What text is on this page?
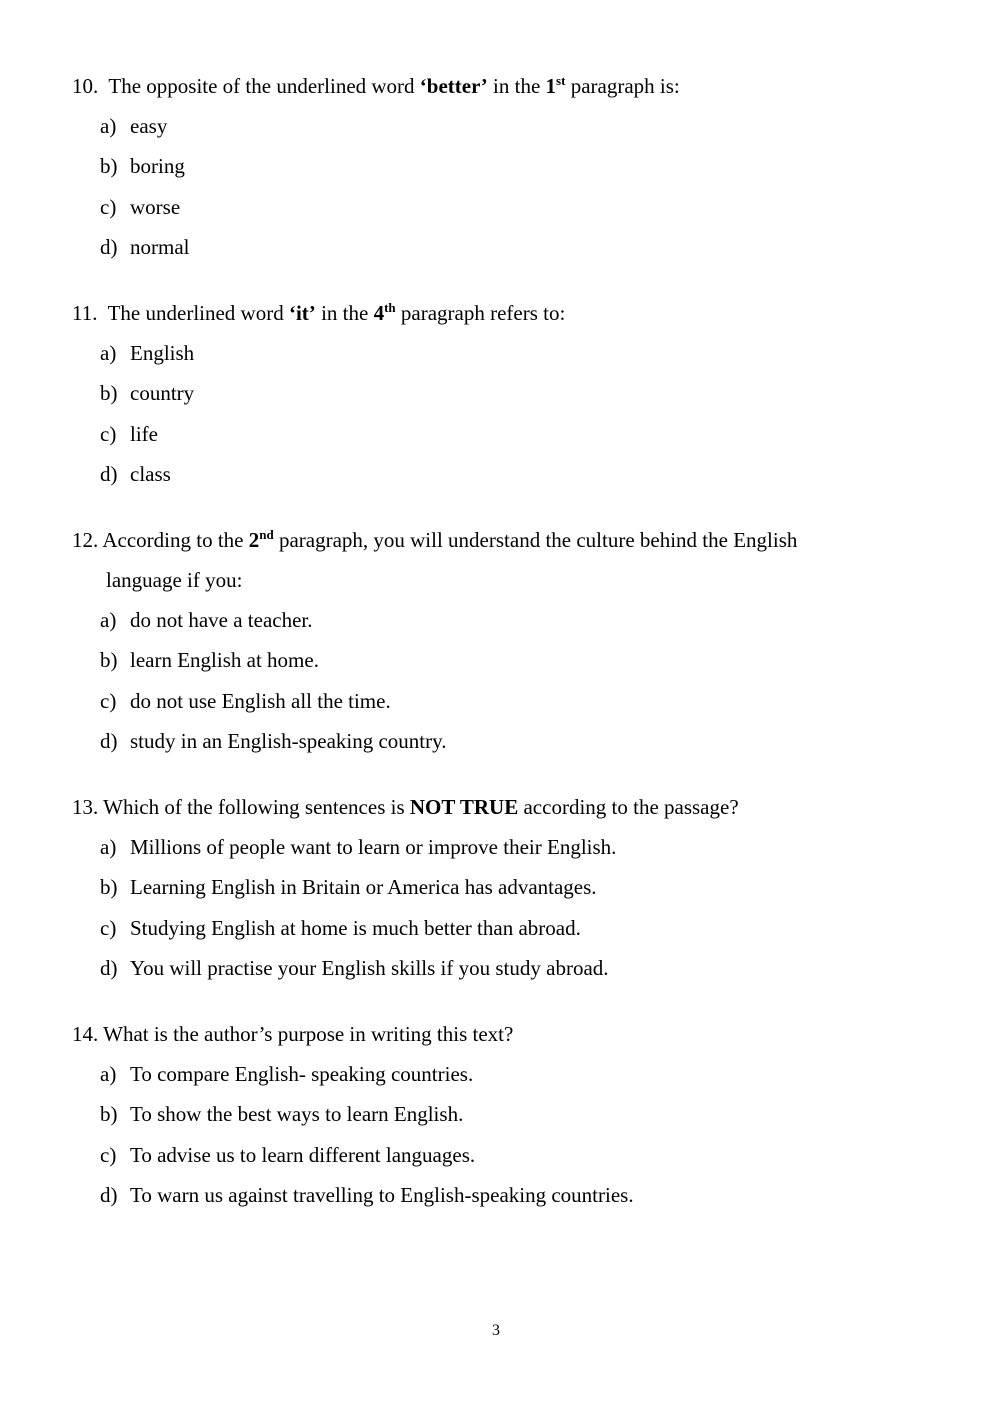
10. The opposite of the underlined word ‘better’ in the 1st paragraph is:
a) easy
b) boring
c) worse
d) normal
11. The underlined word ‘it’ in the 4th paragraph refers to:
a) English
b) country
c) life
d) class
12. According to the 2nd paragraph, you will understand the culture behind the English
language if you:
a) do not have a teacher.
b) learn English at home.
c) do not use English all the time.
d) study in an English-speaking country.
13. Which of the following sentences is NOT TRUE according to the passage?
a) Millions of people want to learn or improve their English.
b) Learning English in Britain or America has advantages.
c) Studying English at home is much better than abroad.
d) You will practise your English skills if you study abroad.
14. What is the author’s purpose in writing this text?
a) To compare English- speaking countries.
b) To show the best ways to learn English.
c) To advise us to learn different languages.
d) To warn us against travelling to English-speaking countries.
3
